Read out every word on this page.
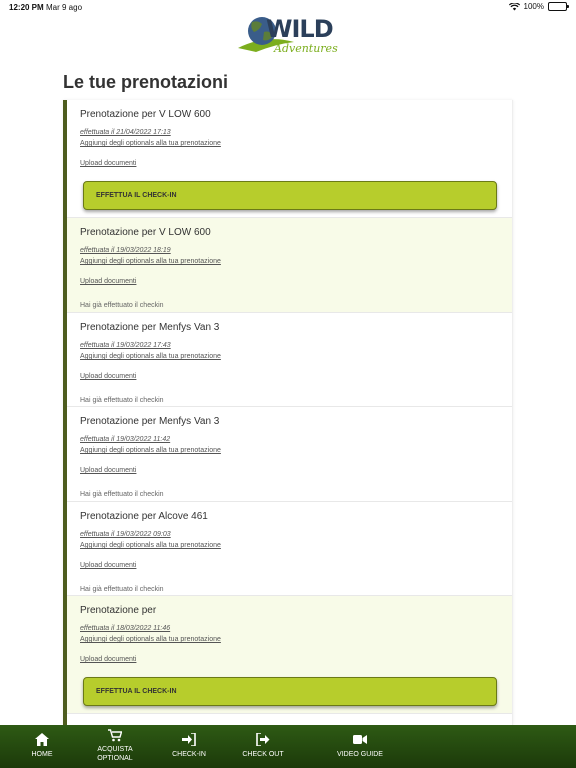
12:20 PM Mar 9 ago	100%
WILD
Adventures
Le tue prenotazioni
Prenotazione per V LOW 600
effettuata il 21/04/2022 17:13
Aggiungi degli optionals alla tua prenotazione
Upload documenti
EFFETTUA IL CHECK-IN
Prenotazione per V LOW 600
effettuata il 19/03/2022 18:19
Aggiungi degli optionals alla tua prenotazione
Upload documenti
Hai già effettuato il checkin
Prenotazione per Menfys Van 3
effettuata il 19/03/2022 17:43
Aggiungi degli optionals alla tua prenotazione
Upload documenti
Hai già effettuato il checkin
Prenotazione per Menfys Van 3
effettuata il 19/03/2022 11:42
Aggiungi degli optionals alla tua prenotazione
Upload documenti
Hai già effettuato il checkin
Prenotazione per Alcove 461
effettuata il 19/03/2022 09:03
Aggiungi degli optionals alla tua prenotazione
Upload documenti
Hai già effettuato il checkin
Prenotazione per
effettuata il 18/03/2022 11:46
Aggiungi degli optionals alla tua prenotazione
Upload documenti
EFFETTUA IL CHECK-IN
HOME
ACQUISTA
OPTIONAL
CHECK-IN	CHECK OUT	VIDEO GUIDE
